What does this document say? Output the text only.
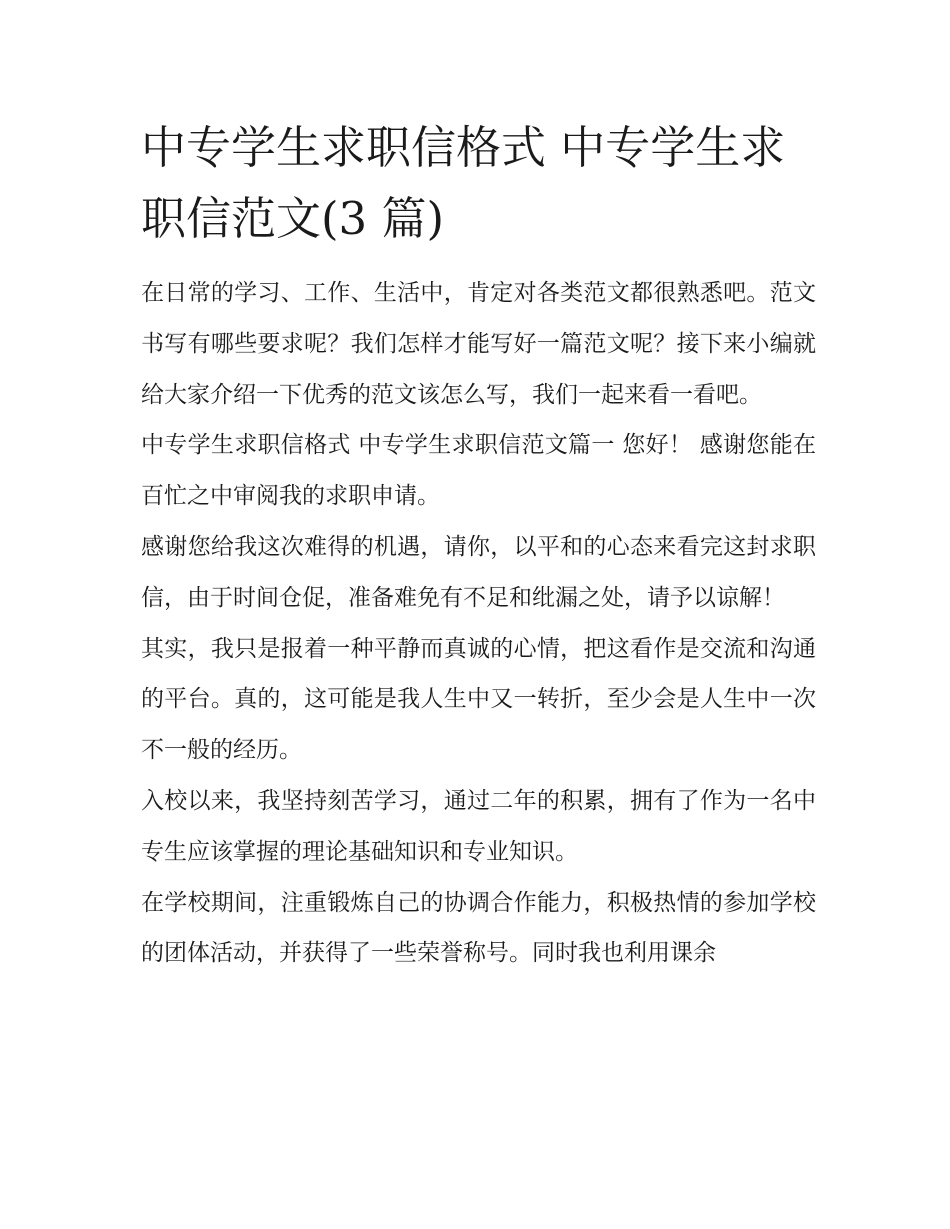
中专学生求职信格式 中专学生求职信范文(3 篇)

在日常的学习、工作、生活中，肯定对各类范文都很熟悉吧。范文书写有哪些要求呢？我们怎样才能写好一篇范文呢？接下来小编就给大家介绍一下优秀的范文该怎么写，我们一起来看一看吧。

中专学生求职信格式 中专学生求职信范文篇一 您好！ 感谢您能在百忙之中审阅我的求职申请。

感谢您给我这次难得的机遇，请你，以平和的心态来看完这封求职信，由于时间仓促，准备难免有不足和纰漏之处，请予以谅解！

其实，我只是报着一种平静而真诚的心情，把这看作是交流和沟通的平台。真的，这可能是我人生中又一转折，至少会是人生中一次不一般的经历。

入校以来，我坚持刻苦学习，通过二年的积累，拥有了作为一名中专生应该掌握的理论基础知识和专业知识。

在学校期间，注重锻炼自己的协调合作能力，积极热情的参加学校的团体活动，并获得了一些荣誉称号。同时我也利用课余
